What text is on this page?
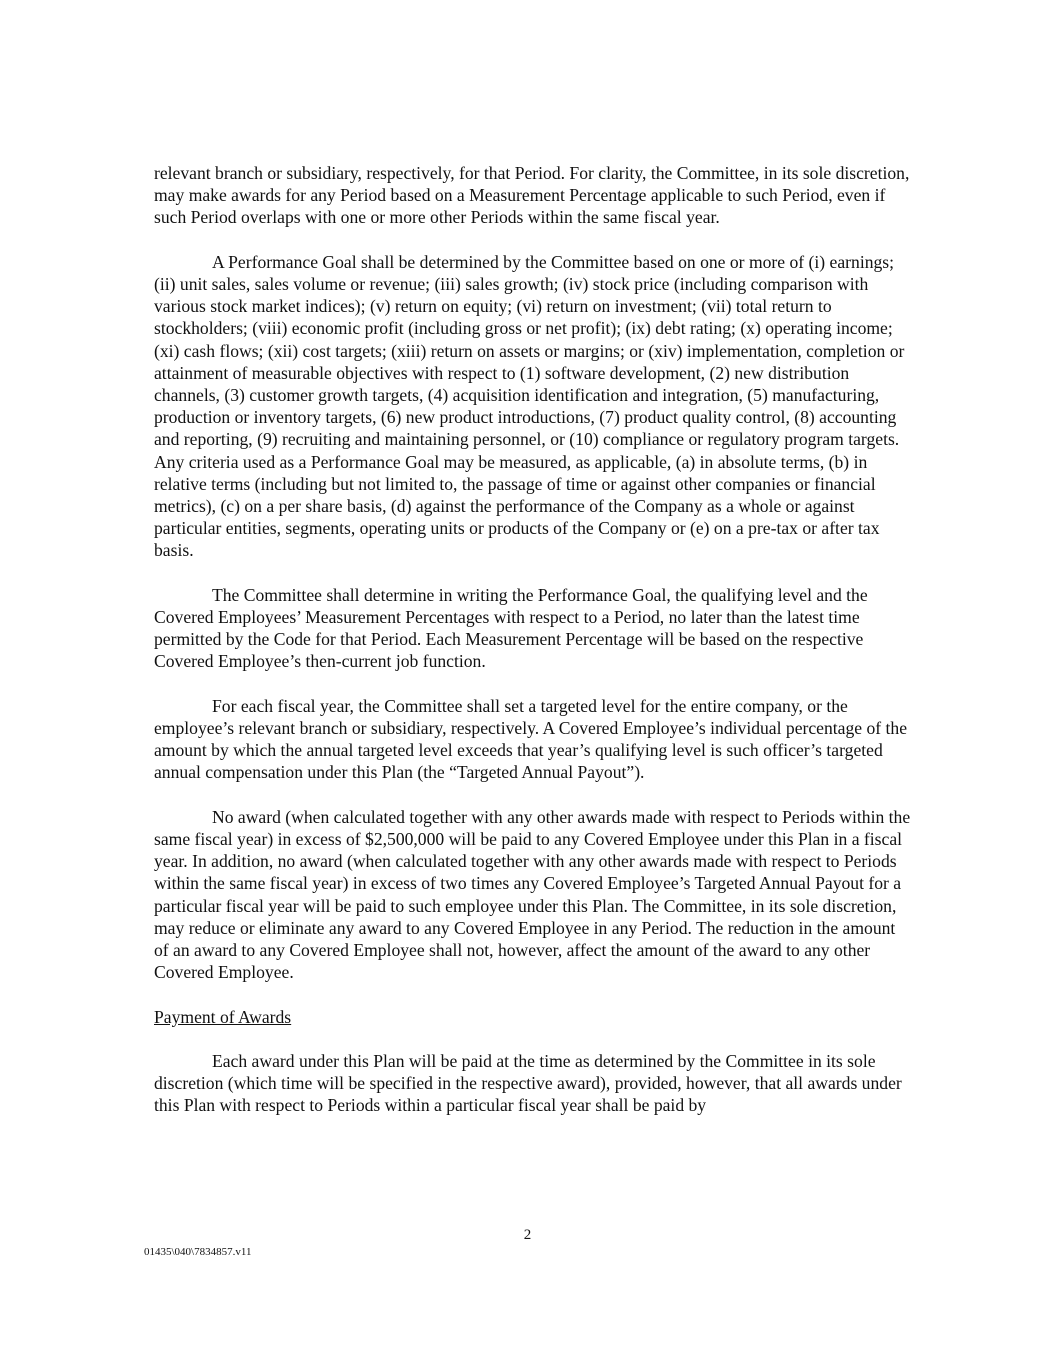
relevant branch or subsidiary, respectively, for that Period. For clarity, the Committee, in its sole discretion, may make awards for any Period based on a Measurement Percentage applicable to such Period, even if such Period overlaps with one or more other Periods within the same fiscal year.

A Performance Goal shall be determined by the Committee based on one or more of (i) earnings; (ii) unit sales, sales volume or revenue; (iii) sales growth; (iv) stock price (including comparison with various stock market indices); (v) return on equity; (vi) return on investment; (vii) total return to stockholders; (viii) economic profit (including gross or net profit); (ix) debt rating; (x) operating income; (xi) cash flows; (xii) cost targets; (xiii) return on assets or margins; or (xiv) implementation, completion or attainment of measurable objectives with respect to (1) software development, (2) new distribution channels, (3) customer growth targets, (4) acquisition identification and integration, (5) manufacturing, production or inventory targets, (6) new product introductions, (7) product quality control, (8) accounting and reporting, (9) recruiting and maintaining personnel, or (10) compliance or regulatory program targets. Any criteria used as a Performance Goal may be measured, as applicable, (a) in absolute terms, (b) in relative terms (including but not limited to, the passage of time or against other companies or financial metrics), (c) on a per share basis, (d) against the performance of the Company as a whole or against particular entities, segments, operating units or products of the Company or (e) on a pre-tax or after tax basis.

The Committee shall determine in writing the Performance Goal, the qualifying level and the Covered Employees’ Measurement Percentages with respect to a Period, no later than the latest time permitted by the Code for that Period. Each Measurement Percentage will be based on the respective Covered Employee’s then-current job function.

For each fiscal year, the Committee shall set a targeted level for the entire company, or the employee’s relevant branch or subsidiary, respectively. A Covered Employee’s individual percentage of the amount by which the annual targeted level exceeds that year’s qualifying level is such officer’s targeted annual compensation under this Plan (the “Targeted Annual Payout”).

No award (when calculated together with any other awards made with respect to Periods within the same fiscal year) in excess of $2,500,000 will be paid to any Covered Employee under this Plan in a fiscal year. In addition, no award (when calculated together with any other awards made with respect to Periods within the same fiscal year) in excess of two times any Covered Employee’s Targeted Annual Payout for a particular fiscal year will be paid to such employee under this Plan. The Committee, in its sole discretion, may reduce or eliminate any award to any Covered Employee in any Period. The reduction in the amount of an award to any Covered Employee shall not, however, affect the amount of the award to any other Covered Employee.

Payment of Awards

Each award under this Plan will be paid at the time as determined by the Committee in its sole discretion (which time will be specified in the respective award), provided, however, that all awards under this Plan with respect to Periods within a particular fiscal year shall be paid by

2
01435\040\7834857.v11
